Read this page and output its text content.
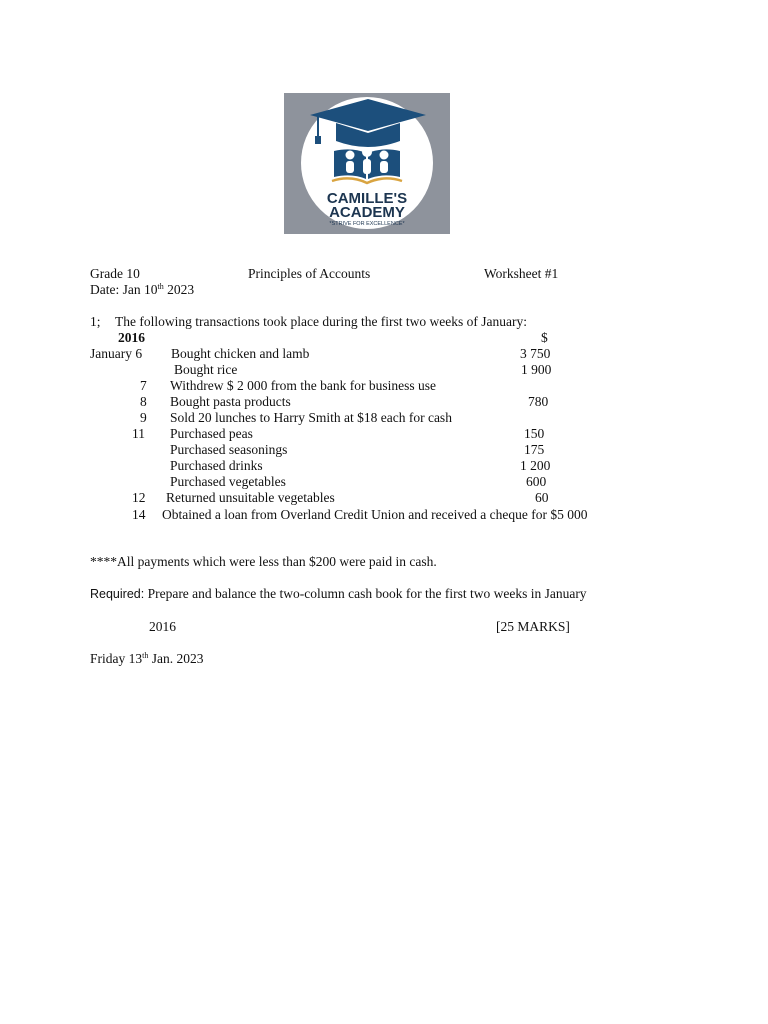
CAMILLE'S
ACADEMY
*STRIVE FOR EXCELLENCE*
Grade 10	Principles of Accounts	Worksheet #1
Date: Jan 10th 2023
1; The following transactions took place during the first two weeks of January:
2016	$
January 6 Bought chicken and lamb	3 750
Bought rice	1 900
7 Withdrew $ 2 000 from the bank for business use
8 Bought pasta products	780
9 Sold 20 lunches to Harry Smith at $18 each for cash
11 Purchased peas	150
Purchased seasonings	175
Purchased drinks	1 200
Purchased vegetables	600
12 Returned unsuitable vegetables	60
14 Obtained a loan from Overland Credit Union and received a cheque for $5 000
****All payments which were less than $200 were paid in cash.
Required: Prepare and balance the two-column cash book for the first two weeks in January
2016	[25 MARKS]
Friday 13th Jan. 2023
